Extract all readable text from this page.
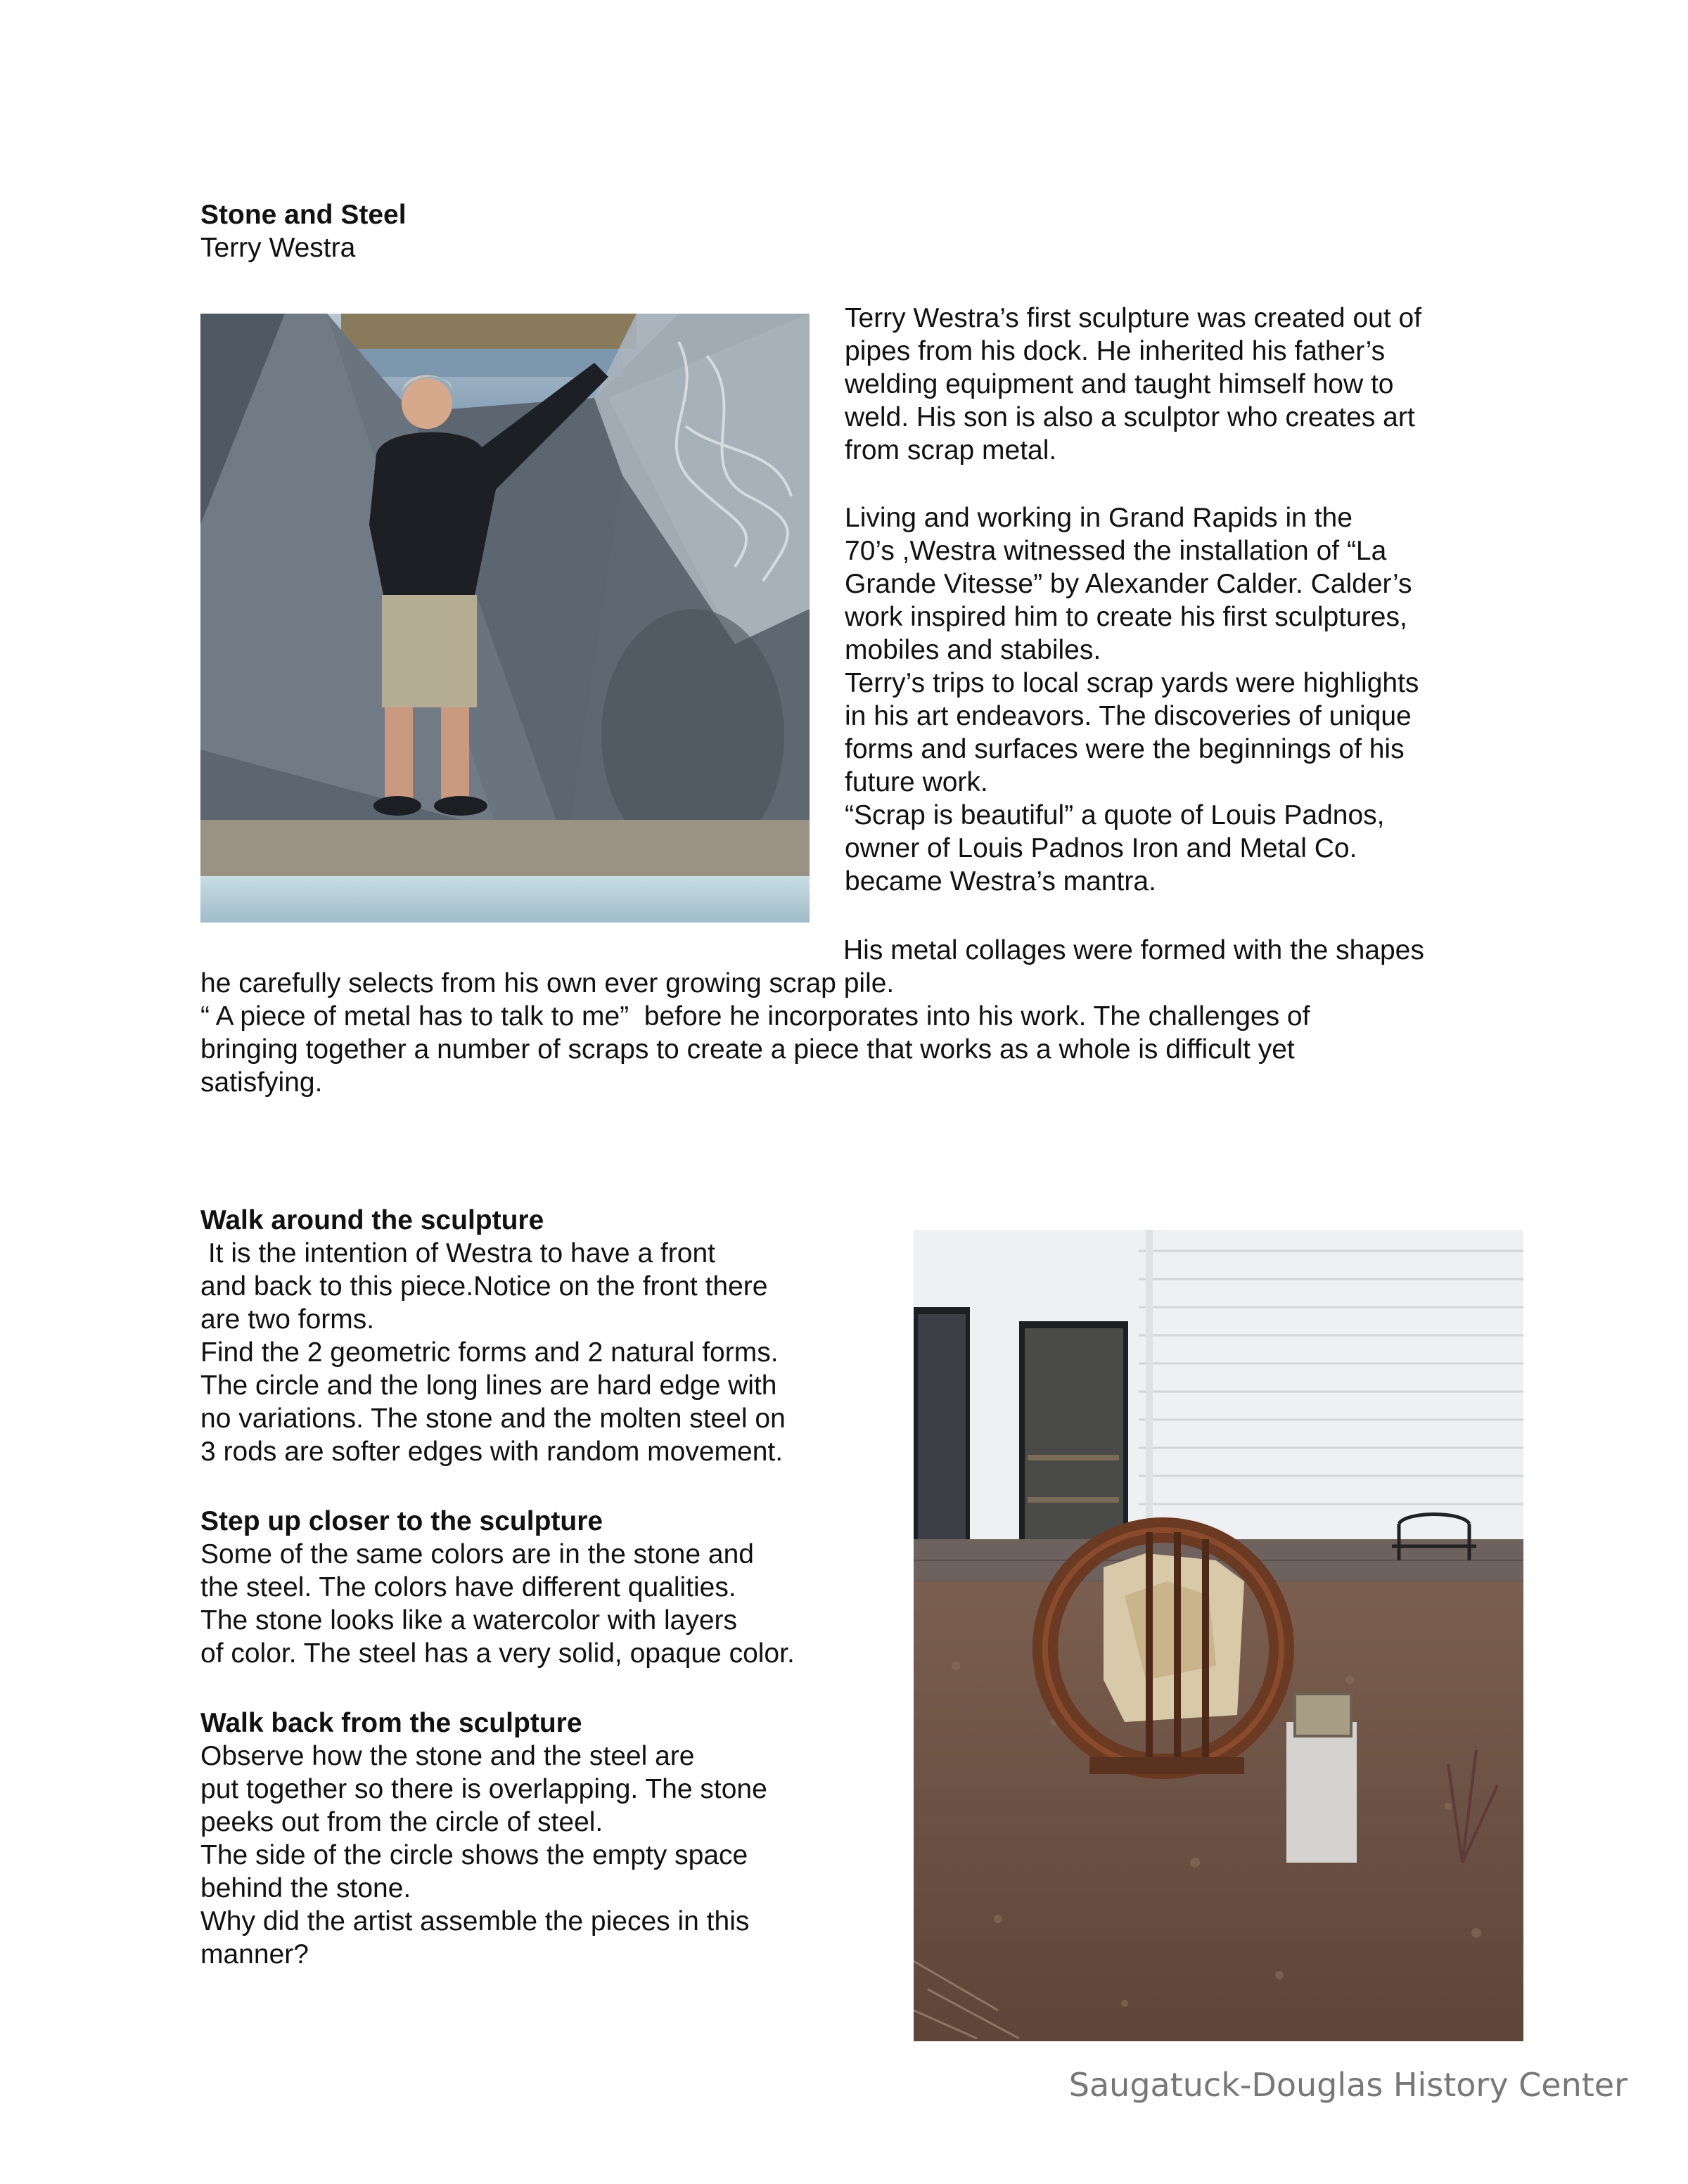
Stone and Steel
Terry Westra
Terry Westra’s first sculpture was created out of
pipes from his dock. He inherited his father’s
welding equipment and taught himself how to
weld. His son is also a sculptor who creates art
from scrap metal.
Living and working in Grand Rapids in the
70’s ,Westra witnessed the installation of “La
Grande Vitesse” by Alexander Calder. Calder’s
work inspired him to create his first sculptures,
mobiles and stabiles.
Terry’s trips to local scrap yards were highlights
in his art endeavors. The discoveries of unique
forms and surfaces were the beginnings of his
future work.
“Scrap is beautiful” a quote of Louis Padnos,
owner of Louis Padnos Iron and Metal Co.
became Westra’s mantra.
His metal collages were formed with the shapes
he carefully selects from his own ever growing scrap pile.
“ A piece of metal has to talk to me”  before he incorporates into his work. The challenges of
bringing together a number of scraps to create a piece that works as a whole is difficult yet
satisfying.
Walk around the sculpture
It is the intention of Westra to have a front
and back to this piece.Notice on the front there
are two forms.
Find the 2 geometric forms and 2 natural forms.
The circle and the long lines are hard edge with
no variations. The stone and the molten steel on
3 rods are softer edges with random movement.
Step up closer to the sculpture
Some of the same colors are in the stone and
the steel. The colors have different qualities.
The stone looks like a watercolor with layers
of color. The steel has a very solid, opaque color.
Walk back from the sculpture
Observe how the stone and the steel are
put together so there is overlapping. The stone
peeks out from the circle of steel.
The side of the circle shows the empty space
behind the stone.
Why did the artist assemble the pieces in this
manner?
Saugatuck-Douglas History Center
